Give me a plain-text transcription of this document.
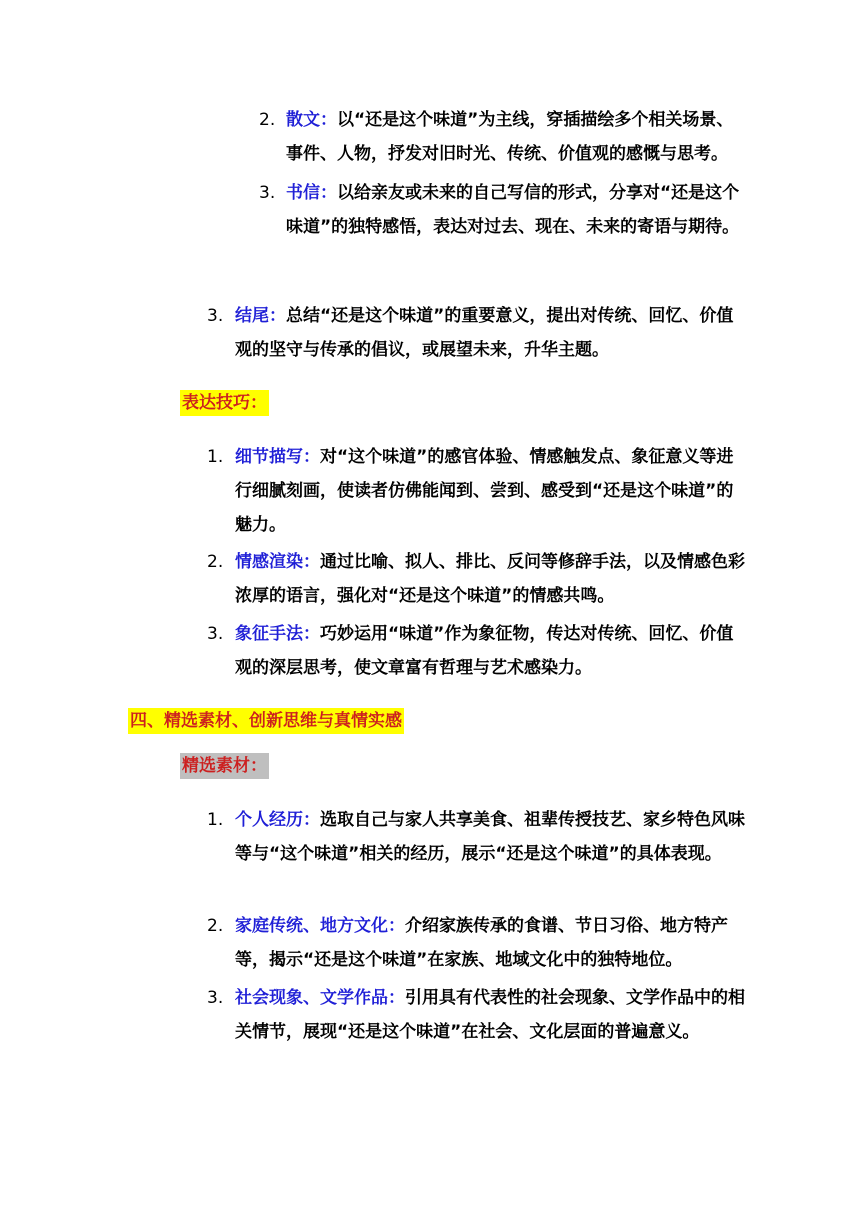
2. 散文：以“还是这个味道”为主线，穿插描绘多个相关场景、事件、人物，抒发对旧时光、传统、价值观的感慨与思考。
3. 书信：以给亲友或未来的自己写信的形式，分享对“还是这个味道”的独特感悟，表达对过去、现在、未来的寄语与期待。
3. 结尾：总结“还是这个味道”的重要意义，提出对传统、回忆、价值观的坚守与传承的倡议，或展望未来，升华主题。
表达技巧：
1. 细节描写：对“这个味道”的感官体验、情感触发点、象征意义等进行细腻刻画，使读者仿佛能闻到、尝到、感受到“还是这个味道”的魅力。
2. 情感渲染：通过比喻、拟人、排比、反问等修辞手法，以及情感色彩浓厚的语言，强化对“还是这个味道”的情感共鸣。
3. 象征手法：巧妙运用“味道”作为象征物，传达对传统、回忆、价值观的深层思考，使文章富有哲理与艺术感染力。
四、精选素材、创新思维与真情实感
精选素材：
1. 个人经历：选取自己与家人共享美食、祖辈传授技艺、家乡特色风味等与“这个味道”相关的经历，展示“还是这个味道”的具体表现。
2. 家庭传统、地方文化：介绍家族传承的食谱、节日习俗、地方特产等，揭示“还是这个味道”在家族、地域文化中的独特地位。
3. 社会现象、文学作品：引用具有代表性的社会现象、文学作品中的相关情节，展现“还是这个味道”在社会、文化层面的普遍意义。
